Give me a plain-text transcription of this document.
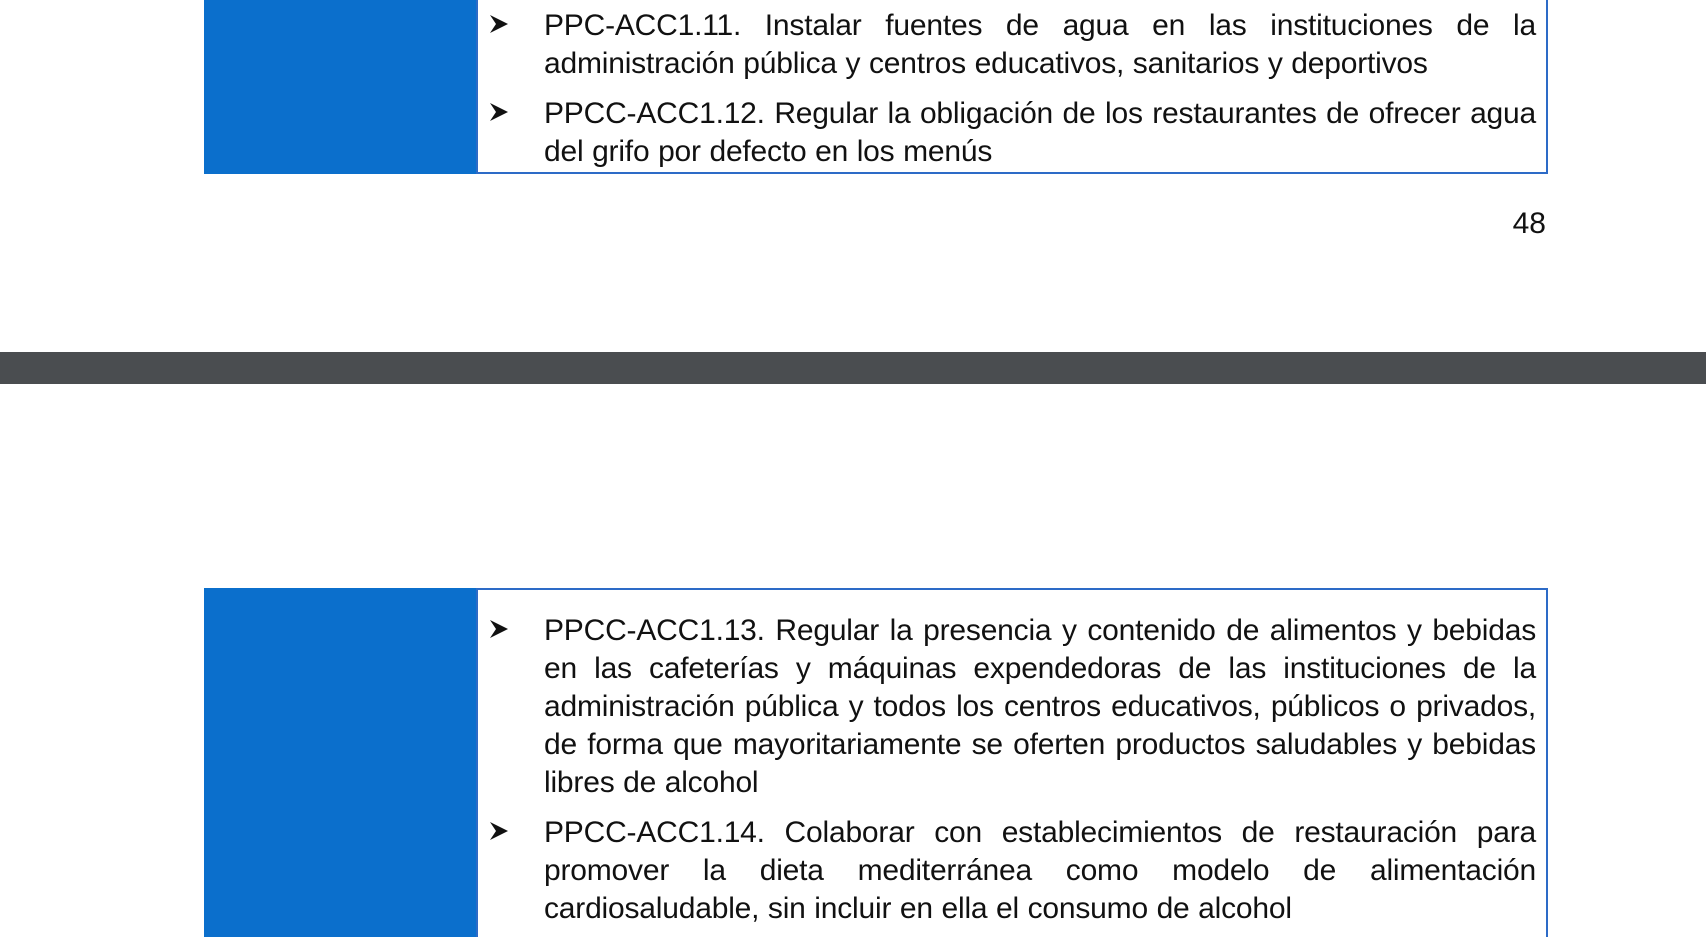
PPC-ACC1.11. Instalar fuentes de agua en las instituciones de la administración pública y centros educativos, sanitarios y deportivos
PPCC-ACC1.12. Regular la obligación de los restaurantes de ofrecer agua del grifo por defecto en los menús
48
PPCC-ACC1.13. Regular la presencia y contenido de alimentos y bebidas en las cafeterías y máquinas expendedoras de las instituciones de la administración pública y todos los centros educativos, públicos o privados, de forma que mayoritariamente se oferten productos saludables y bebidas libres de alcohol
PPCC-ACC1.14. Colaborar con establecimientos de restauración para promover la dieta mediterránea como modelo de alimentación cardiosaludable, sin incluir en ella el consumo de alcohol
